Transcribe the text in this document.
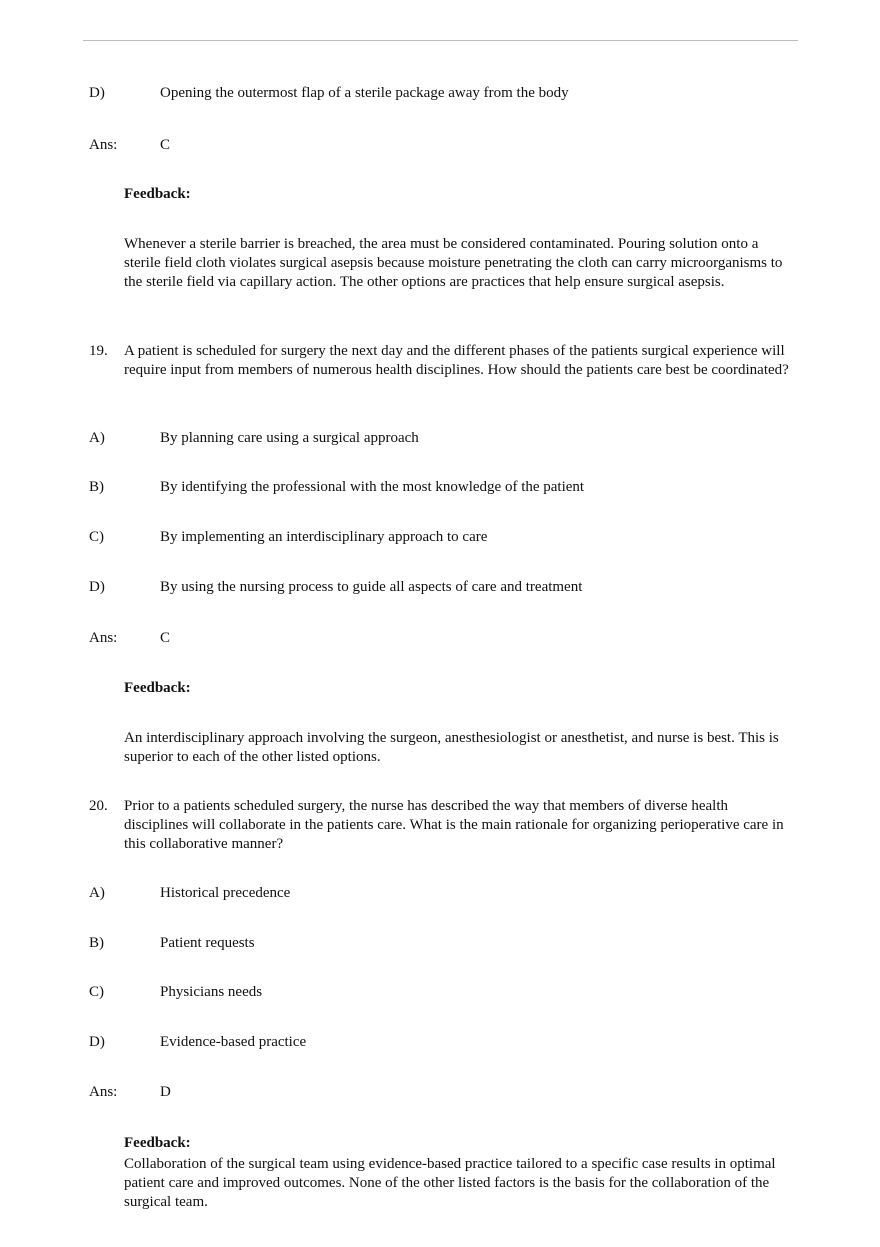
D)	Opening the outermost flap of a sterile package away from the body
Ans:	C
Feedback:
Whenever a sterile barrier is breached, the area must be considered contaminated. Pouring solution onto a sterile field cloth violates surgical asepsis because moisture penetrating the cloth can carry microorganisms to the sterile field via capillary action. The other options are practices that help ensure surgical asepsis.
19. A patient is scheduled for surgery the next day and the different phases of the patients surgical experience will require input from members of numerous health disciplines. How should the patients care best be coordinated?
A)	By planning care using a surgical approach
B)	By identifying the professional with the most knowledge of the patient
C)	By implementing an interdisciplinary approach to care
D)	By using the nursing process to guide all aspects of care and treatment
Ans:	C
Feedback:
An interdisciplinary approach involving the surgeon, anesthesiologist or anesthetist, and nurse is best. This is superior to each of the other listed options.
20. Prior to a patients scheduled surgery, the nurse has described the way that members of diverse health disciplines will collaborate in the patients care. What is the main rationale for organizing perioperative care in this collaborative manner?
A)	Historical precedence
B)	Patient requests
C)	Physicians needs
D)	Evidence-based practice
Ans:	D
Feedback:
Collaboration of the surgical team using evidence-based practice tailored to a specific case results in optimal patient care and improved outcomes. None of the other listed factors is the basis for the collaboration of the surgical team.
